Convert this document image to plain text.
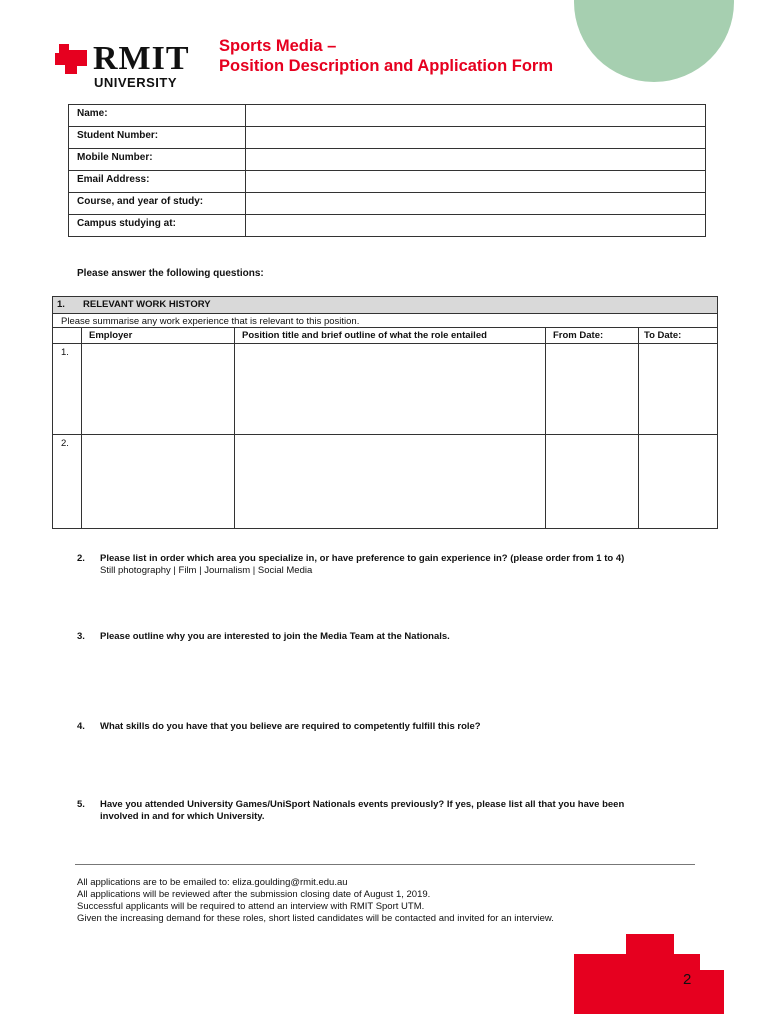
RMIT
UNIVERSITY
Sports Media –
Position Description and Application Form
Name:	
Student Number:	
Mobile Number:	
Email Address:	
Course, and year of study:	
Campus studying at:	
Please answer the following questions:
1. RELEVANT WORK HISTORY
Please summarise any work experience that is relevant to this position.
Employer	Position title and brief outline of what the role entailed	From Date:	To Date:
1.
2.
2. Please list in order which area you specialize in, or have preference to gain experience in? (please order from 1 to 4)
Still photography | Film | Journalism | Social Media
3. Please outline why you are interested to join the Media Team at the Nationals.
4. What skills do you have that you believe are required to competently fulfill this role?
5. Have you attended University Games/UniSport Nationals events previously? If yes, please list all that you have been
involved in and for which University.
All applications are to be emailed to: eliza.goulding@rmit.edu.au
All applications will be reviewed after the submission closing date of August 1, 2019.
Successful applicants will be required to attend an interview with RMIT Sport UTM.
Given the increasing demand for these roles, short listed candidates will be contacted and invited for an interview.
2
